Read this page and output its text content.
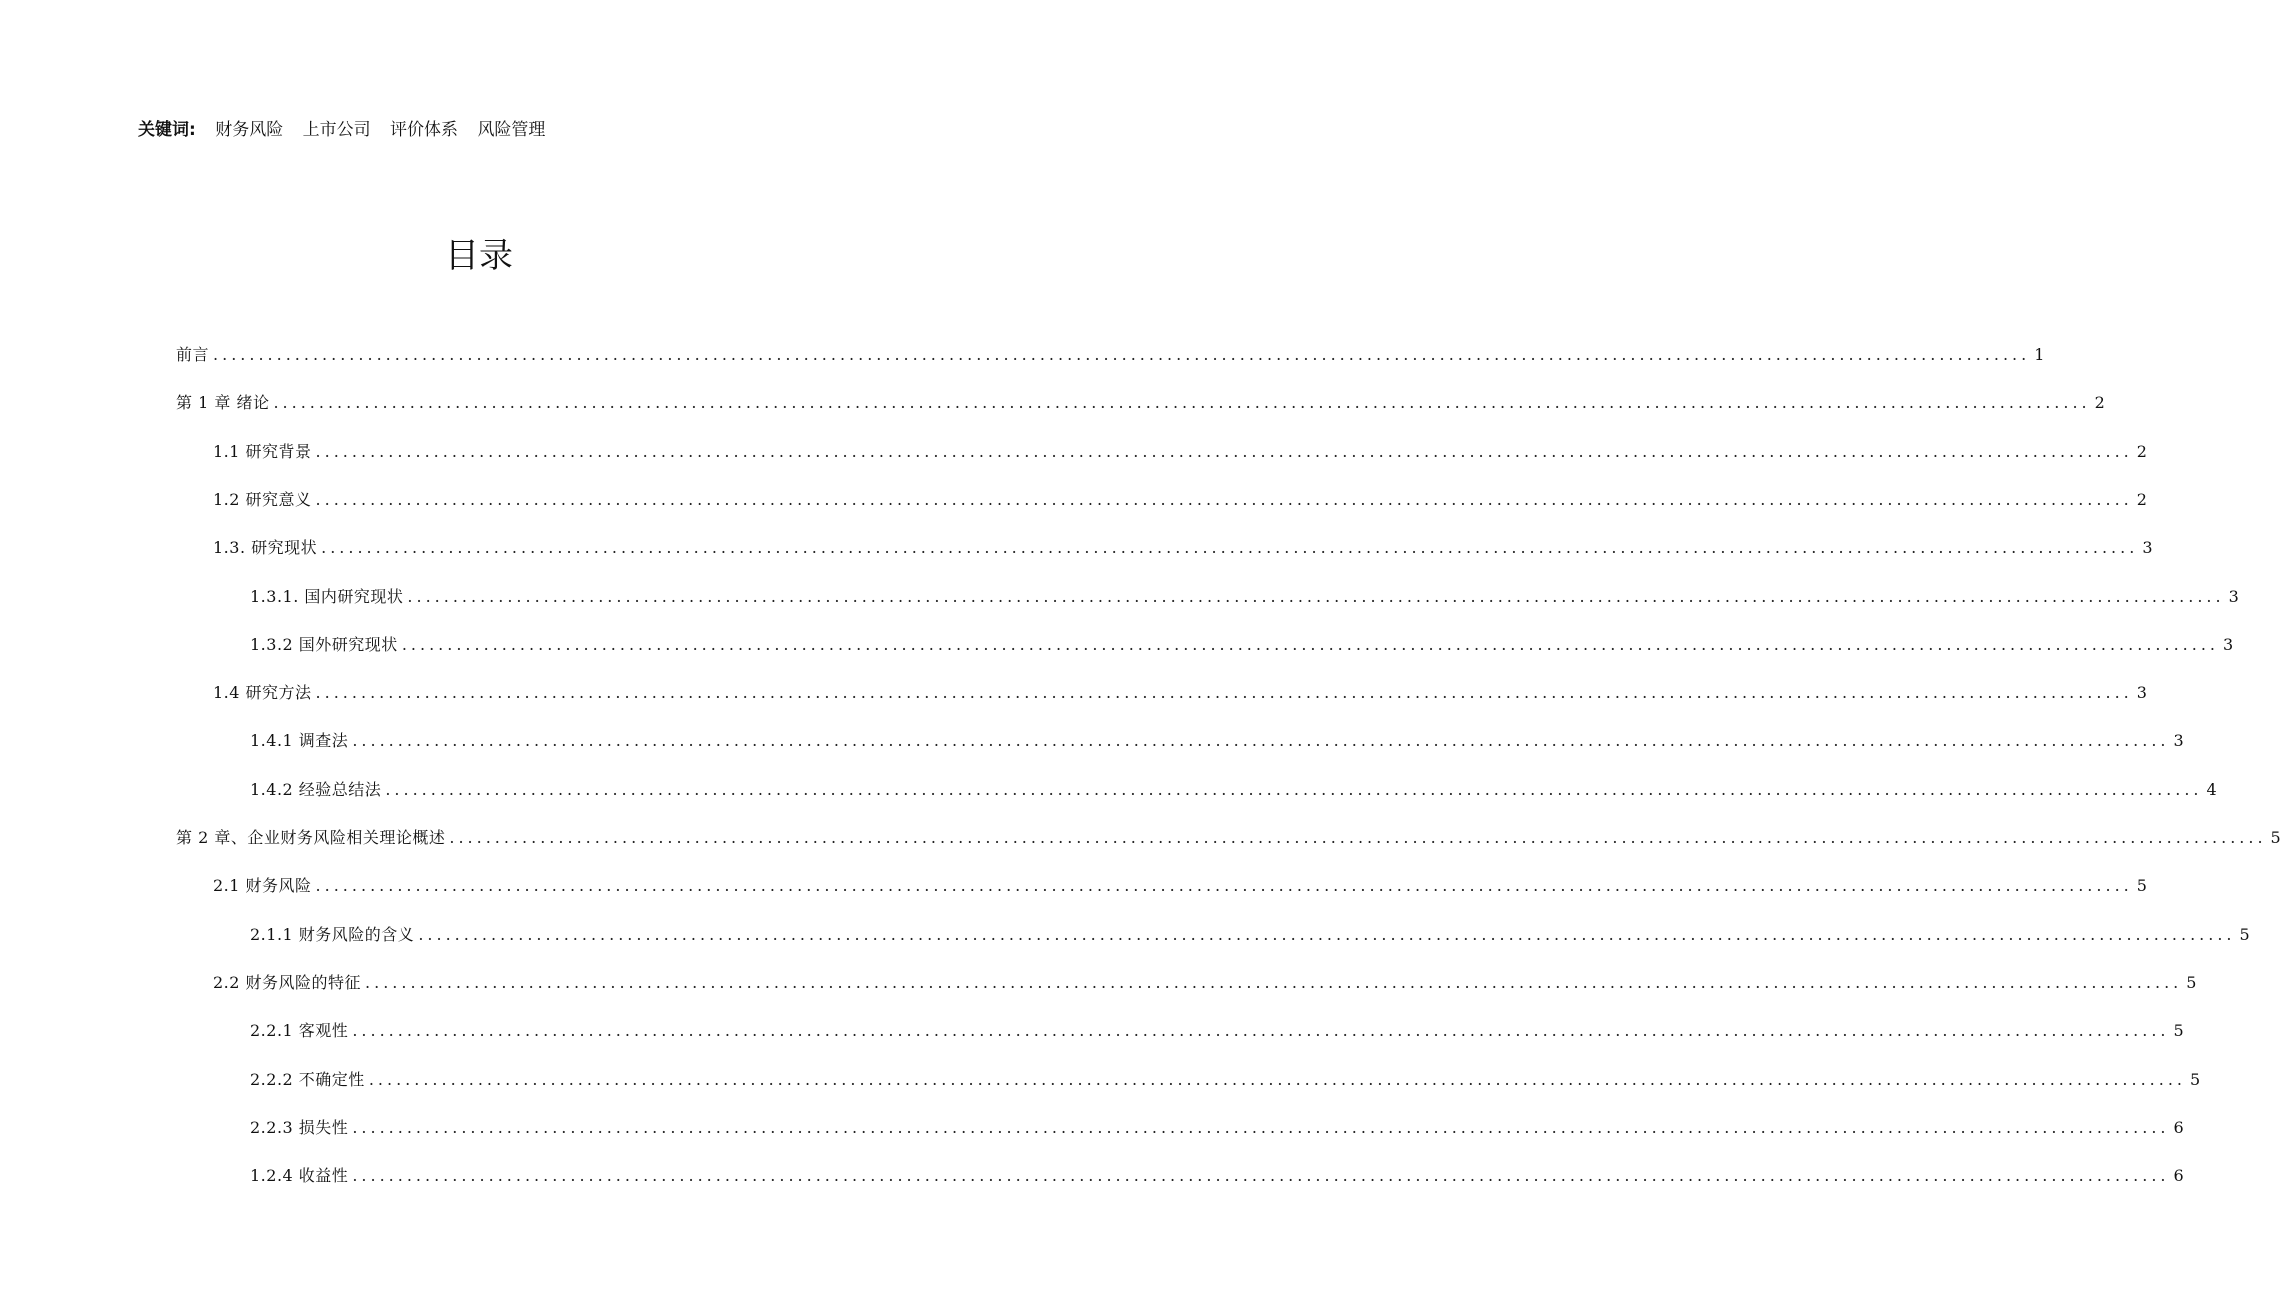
关键词: 财务风险 上市公司 评价体系 风险管理
目录
前言 ........................................................................................................................................................................................................ 1
第 1 章 绪论 ........................................................................................................................................................................................................ 2
1.1 研究背景 ........................................................................................................................................................................................................ 2
1.2 研究意义 ........................................................................................................................................................................................................ 2
1.3. 研究现状 ........................................................................................................................................................................................................ 3
1.3.1. 国内研究现状 ........................................................................................................................................................................................................ 3
1.3.2 国外研究现状 ........................................................................................................................................................................................................ 3
1.4 研究方法 ........................................................................................................................................................................................................ 3
1.4.1 调查法 ........................................................................................................................................................................................................ 3
1.4.2 经验总结法 ........................................................................................................................................................................................................ 4
第 2 章、企业财务风险相关理论概述 ........................................................................................................................................................................................................ 5
2.1 财务风险 ........................................................................................................................................................................................................ 5
2.1.1 财务风险的含义 ........................................................................................................................................................................................................ 5
2.2 财务风险的特征 ........................................................................................................................................................................................................ 5
2.2.1 客观性 ........................................................................................................................................................................................................ 5
2.2.2 不确定性 ........................................................................................................................................................................................................ 5
2.2.3 损失性 ........................................................................................................................................................................................................ 6
1.2.4 收益性 ........................................................................................................................................................................................................ 6
